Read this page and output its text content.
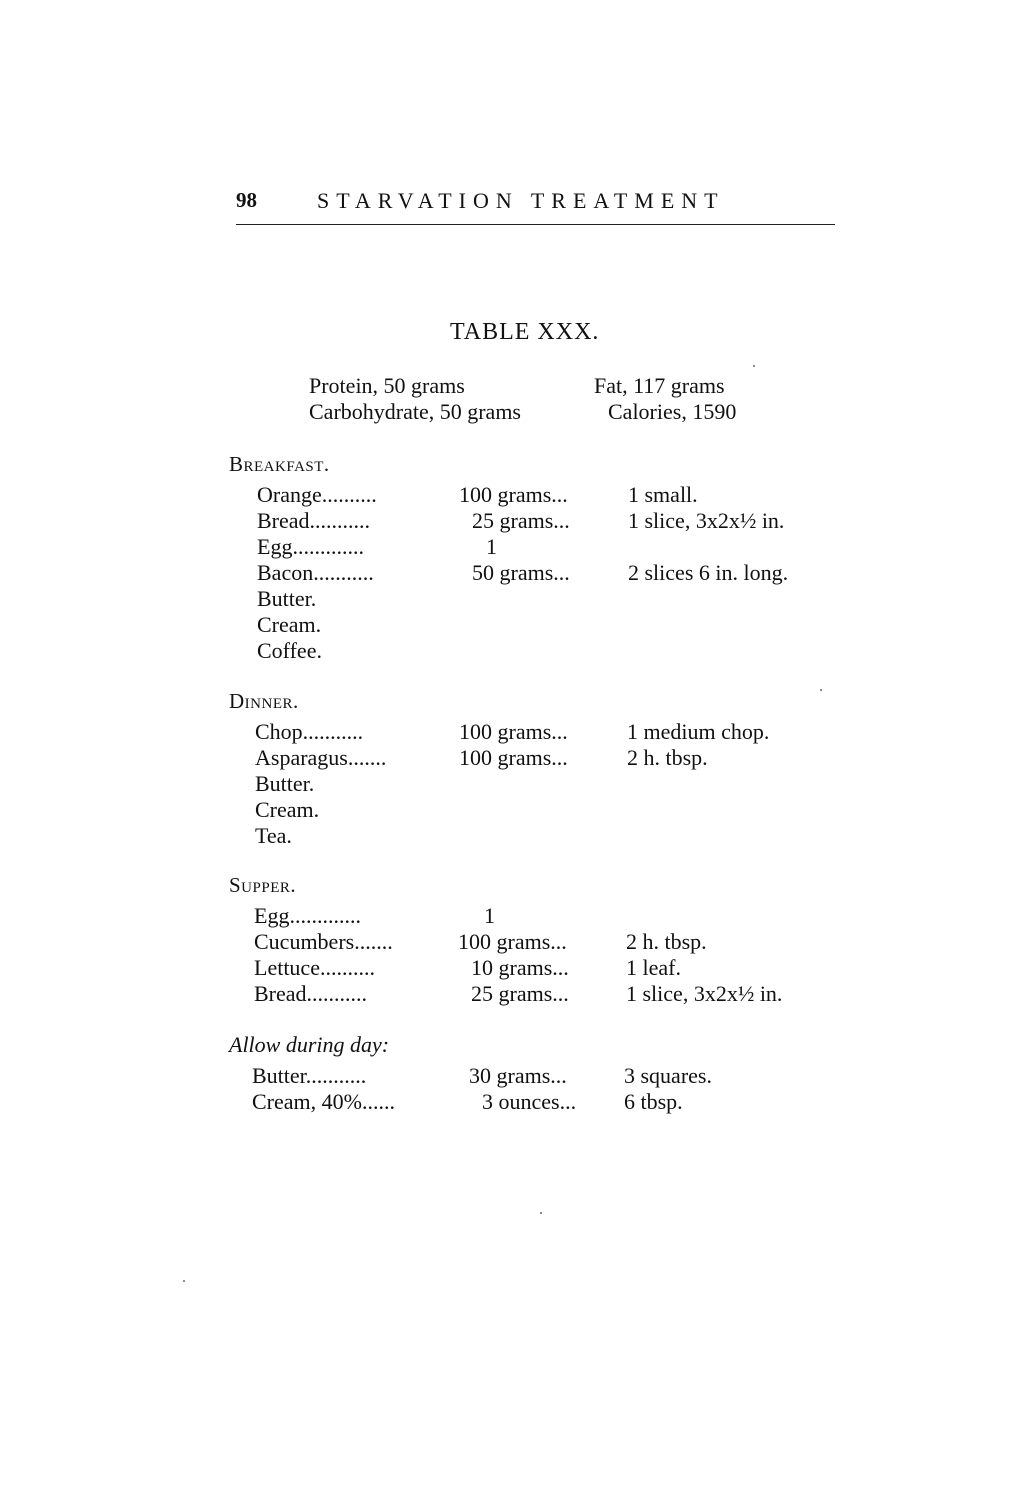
98	STARVATION TREATMENT
TABLE XXX.
Protein, 50 grams	Fat, 117 grams
Carbohydrate, 50 grams	Calories, 1590
Breakfast.
Orange..........	100 grams...	1 small.
Bread...........	25 grams...	1 slice, 3x2x½ in.
Egg.............	1
Bacon...........	50 grams...	2 slices 6 in. long.
Butter.
Cream.
Coffee.
Dinner.
Chop...........	100 grams...	1 medium chop.
Asparagus.......	100 grams...	2 h. tbsp.
Butter.
Cream.
Tea.
Supper.
Egg.............	1
Cucumbers.......	100 grams...	2 h. tbsp.
Lettuce..........	10 grams...	1 leaf.
Bread...........	25 grams...	1 slice, 3x2x½ in.
Allow during day:
Butter...........	30 grams...	3 squares.
Cream, 40%......	3 ounces... 6 tbsp.
